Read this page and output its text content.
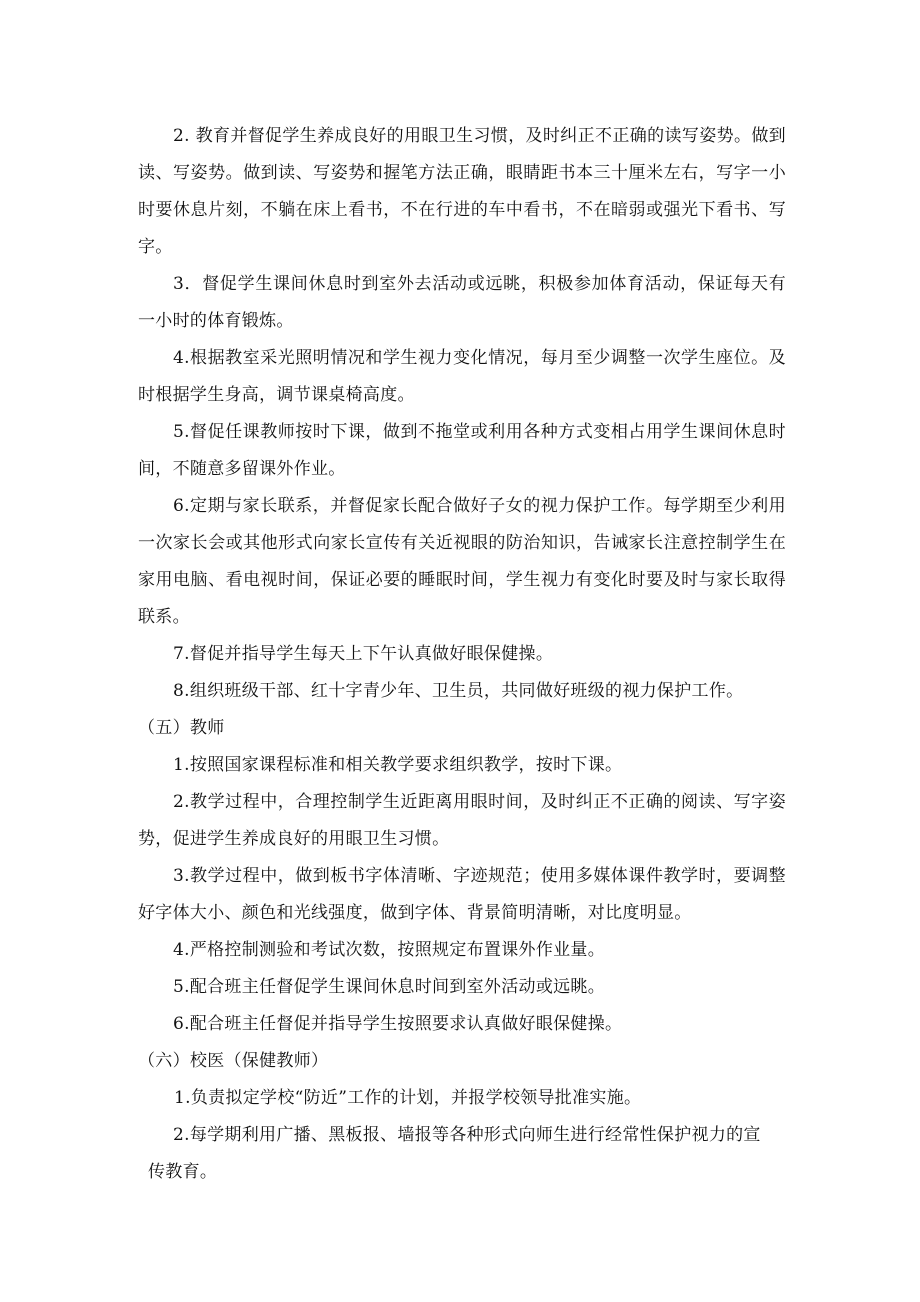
2. 教育并督促学生养成良好的用眼卫生习惯，及时纠正不正确的读写姿势。做到读、写姿势。做到读、写姿势和握笔方法正确，眼睛距书本三十厘米左右，写字一小时要休息片刻，不躺在床上看书，不在行进的车中看书，不在暗弱或强光下看书、写字。

3．督促学生课间休息时到室外去活动或远眺，积极参加体育活动，保证每天有一小时的体育锻炼。

4.根据教室采光照明情况和学生视力变化情况，每月至少调整一次学生座位。及时根据学生身高，调节课桌椅高度。

5.督促任课教师按时下课，做到不拖堂或利用各种方式变相占用学生课间休息时间，不随意多留课外作业。

6.定期与家长联系，并督促家长配合做好子女的视力保护工作。每学期至少利用一次家长会或其他形式向家长宣传有关近视眼的防治知识，告诫家长注意控制学生在家用电脑、看电视时间，保证必要的睡眠时间，学生视力有变化时要及时与家长取得联系。

7.督促并指导学生每天上下午认真做好眼保健操。

8.组织班级干部、红十字青少年、卫生员，共同做好班级的视力保护工作。

（五）教师

1.按照国家课程标准和相关教学要求组织教学，按时下课。

2.教学过程中，合理控制学生近距离用眼时间，及时纠正不正确的阅读、写字姿势，促进学生养成良好的用眼卫生习惯。

3.教学过程中，做到板书字体清晰、字迹规范；使用多媒体课件教学时，要调整好字体大小、颜色和光线强度，做到字体、背景简明清晰，对比度明显。

4.严格控制测验和考试次数，按照规定布置课外作业量。

5.配合班主任督促学生课间休息时间到室外活动或远眺。

6.配合班主任督促并指导学生按照要求认真做好眼保健操。

（六）校医（保健教师）

1.负责拟定学校“防近”工作的计划，并报学校领导批准实施。

2.每学期利用广播、黑板报、墙报等各种形式向师生进行经常性保护视力的宣
传教育。
